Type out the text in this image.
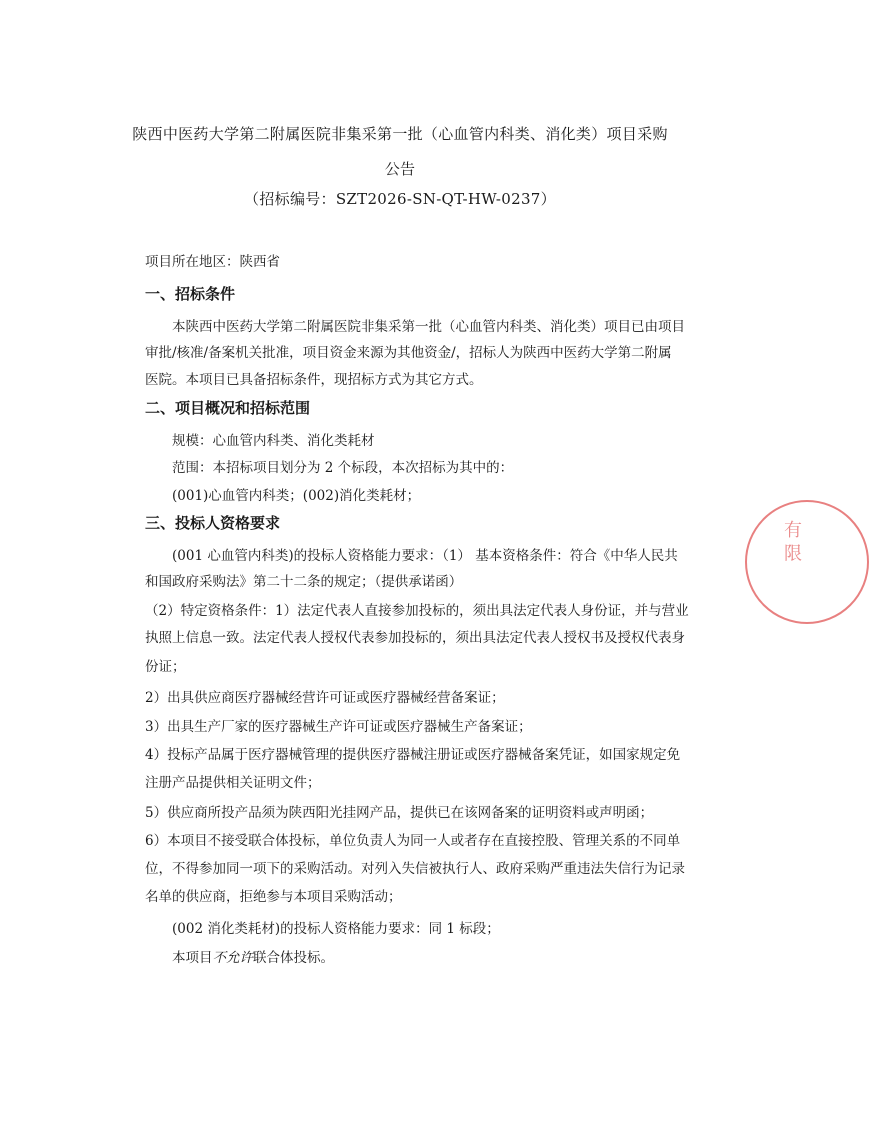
陕西中医药大学第二附属医院非集采第一批（心血管内科类、消化类）项目采购
公告
（招标编号：SZT2026-SN-QT-HW-0237）
项目所在地区：陕西省
一、招标条件
本陕西中医药大学第二附属医院非集采第一批（心血管内科类、消化类）项目已由项目
审批/核准/备案机关批准，项目资金来源为其他资金/，招标人为陕西中医药大学第二附属
医院。本项目已具备招标条件，现招标方式为其它方式。
二、项目概况和招标范围
规模：心血管内科类、消化类耗材
范围：本招标项目划分为 2 个标段，本次招标为其中的：
(001)心血管内科类；(002)消化类耗材；
三、投标人资格要求
(001 心血管内科类)的投标人资格能力要求：（1） 基本资格条件：符合《中华人民共
和国政府采购法》第二十二条的规定；（提供承诺函）
（2）特定资格条件：1）法定代表人直接参加投标的，须出具法定代表人身份证，并与营业
执照上信息一致。法定代表人授权代表参加投标的，须出具法定代表人授权书及授权代表身
份证；
2）出具供应商医疗器械经营许可证或医疗器械经营备案证；
3）出具生产厂家的医疗器械生产许可证或医疗器械生产备案证；
4）投标产品属于医疗器械管理的提供医疗器械注册证或医疗器械备案凭证，如国家规定免
注册产品提供相关证明文件；
5）供应商所投产品须为陕西阳光挂网产品，提供已在该网备案的证明资料或声明函；
6）本项目不接受联合体投标，单位负责人为同一人或者存在直接控股、管理关系的不同单
位，不得参加同一项下的采购活动。对列入失信被执行人、政府采购严重违法失信行为记录
名单的供应商，拒绝参与本项目采购活动；
(002 消化类耗材)的投标人资格能力要求：同 1 标段；
本项目不允许联合体投标。
有 限
